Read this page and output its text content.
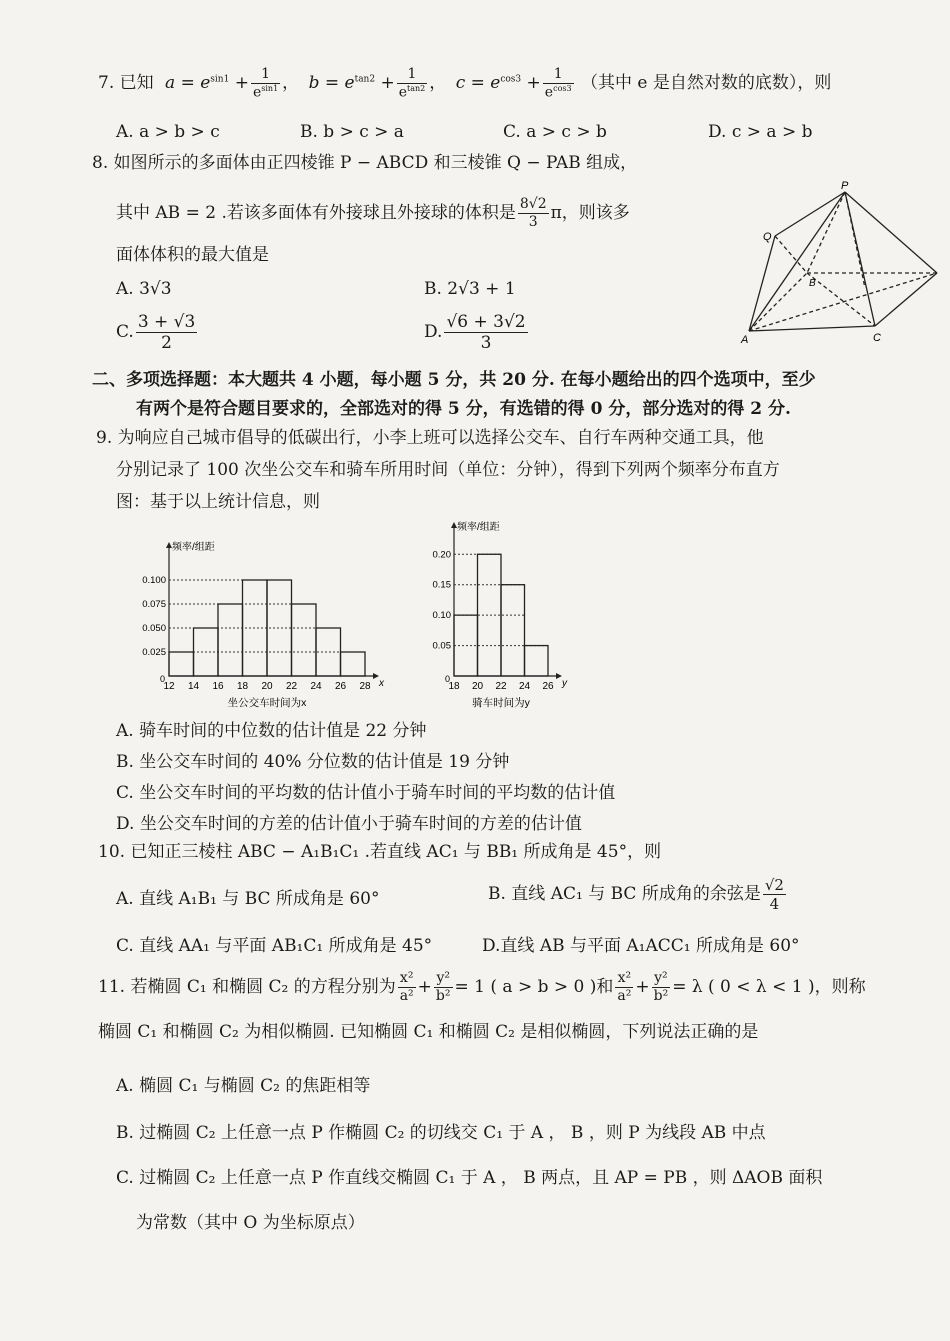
7. 已知 $a = e^{sin1} + \frac{1}{e^{sin1}}$ ， $b = e^{tan2} + \frac{1}{e^{tan2}}$ ， $c = e^{cos3} + \frac{1}{e^{cos3}}$ （其中 e 是自然对数的底数），则
A. a > b > c	B. b > c > a	C. a > c > b	D. c > a > b
8. 如图所示的多面体由正四棱锥 P − ABCD 和三棱锥 Q − PAB 组成，
其中 AB = 2 .若该多面体有外接球且外接球的体积是 $\frac{8√2}{3}$ π，则该多
面体体积的最大值是
A. 3√3	B. 2√3 + 1
C. $\frac{3 + √3}{2}$	D. $\frac{√6 + 3√2}{3}$
P
Q
B
A	C
二、多项选择题：本大题共 4 小题，每小题 5 分，共 20 分. 在每小题给出的四个选项中，至少
有两个是符合题目要求的，全部选对的得 5 分，有选错的得 0 分，部分选对的得 2 分.
9. 为响应自己城市倡导的低碳出行，小李上班可以选择公交车、自行车两种交通工具，他
分别记录了 100 次坐公交车和骑车所用时间（单位：分钟），得到下列两个频率分布直方
图：基于以上统计信息，则
频率/组距
0.025
0.050
0.075
0.100
12 14 16 18 20 22 24 26 28
0	x
坐公交车时间为x
频率/组距
0.05
0.10
0.15
0.20
18 20 22 24 26
0	y
骑车时间为y
A. 骑车时间的中位数的估计值是 22 分钟
B. 坐公交车时间的 40% 分位数的估计值是 19 分钟
C. 坐公交车时间的平均数的估计值小于骑车时间的平均数的估计值
D. 坐公交车时间的方差的估计值小于骑车时间的方差的估计值
10. 已知正三棱柱 ABC − A₁B₁C₁ .若直线 AC₁ 与 BB₁ 所成角是 45°，则
A. 直线 A₁B₁ 与 BC 所成角是 60°	B. 直线 AC₁ 与 BC 所成角的余弦是 $\frac{√2}{4}$
C. 直线 AA₁ 与平面 AB₁C₁ 所成角是 45°	D.直线 AB 与平面 A₁ACC₁ 所成角是 60°
11. 若椭圆 C₁ 和椭圆 C₂ 的方程分别为 $\frac{\text{x²}}{\text{a²}} + \frac{\text{y²}}{\text{b²}} = 1$ ( a > b > 0 )和 $\frac{\text{x²}}{\text{a²}} + \frac{\text{y²}}{\text{b²}} = \lambda$ ( 0 < λ < 1 )，则称
椭圆 C₁ 和椭圆 C₂ 为相似椭圆. 已知椭圆 C₁ 和椭圆 C₂ 是相似椭圆，下列说法正确的是
A. 椭圆 C₁ 与椭圆 C₂ 的焦距相等
B. 过椭圆 C₂ 上任意一点 P 作椭圆 C₂ 的切线交 C₁ 于 A ， B ，则 P 为线段 AB 中点
C. 过椭圆 C₂ 上任意一点 P 作直线交椭圆 C₁ 于 A ， B 两点，且 AP = PB ，则 ΔAOB 面积
为常数（其中 O 为坐标原点）
